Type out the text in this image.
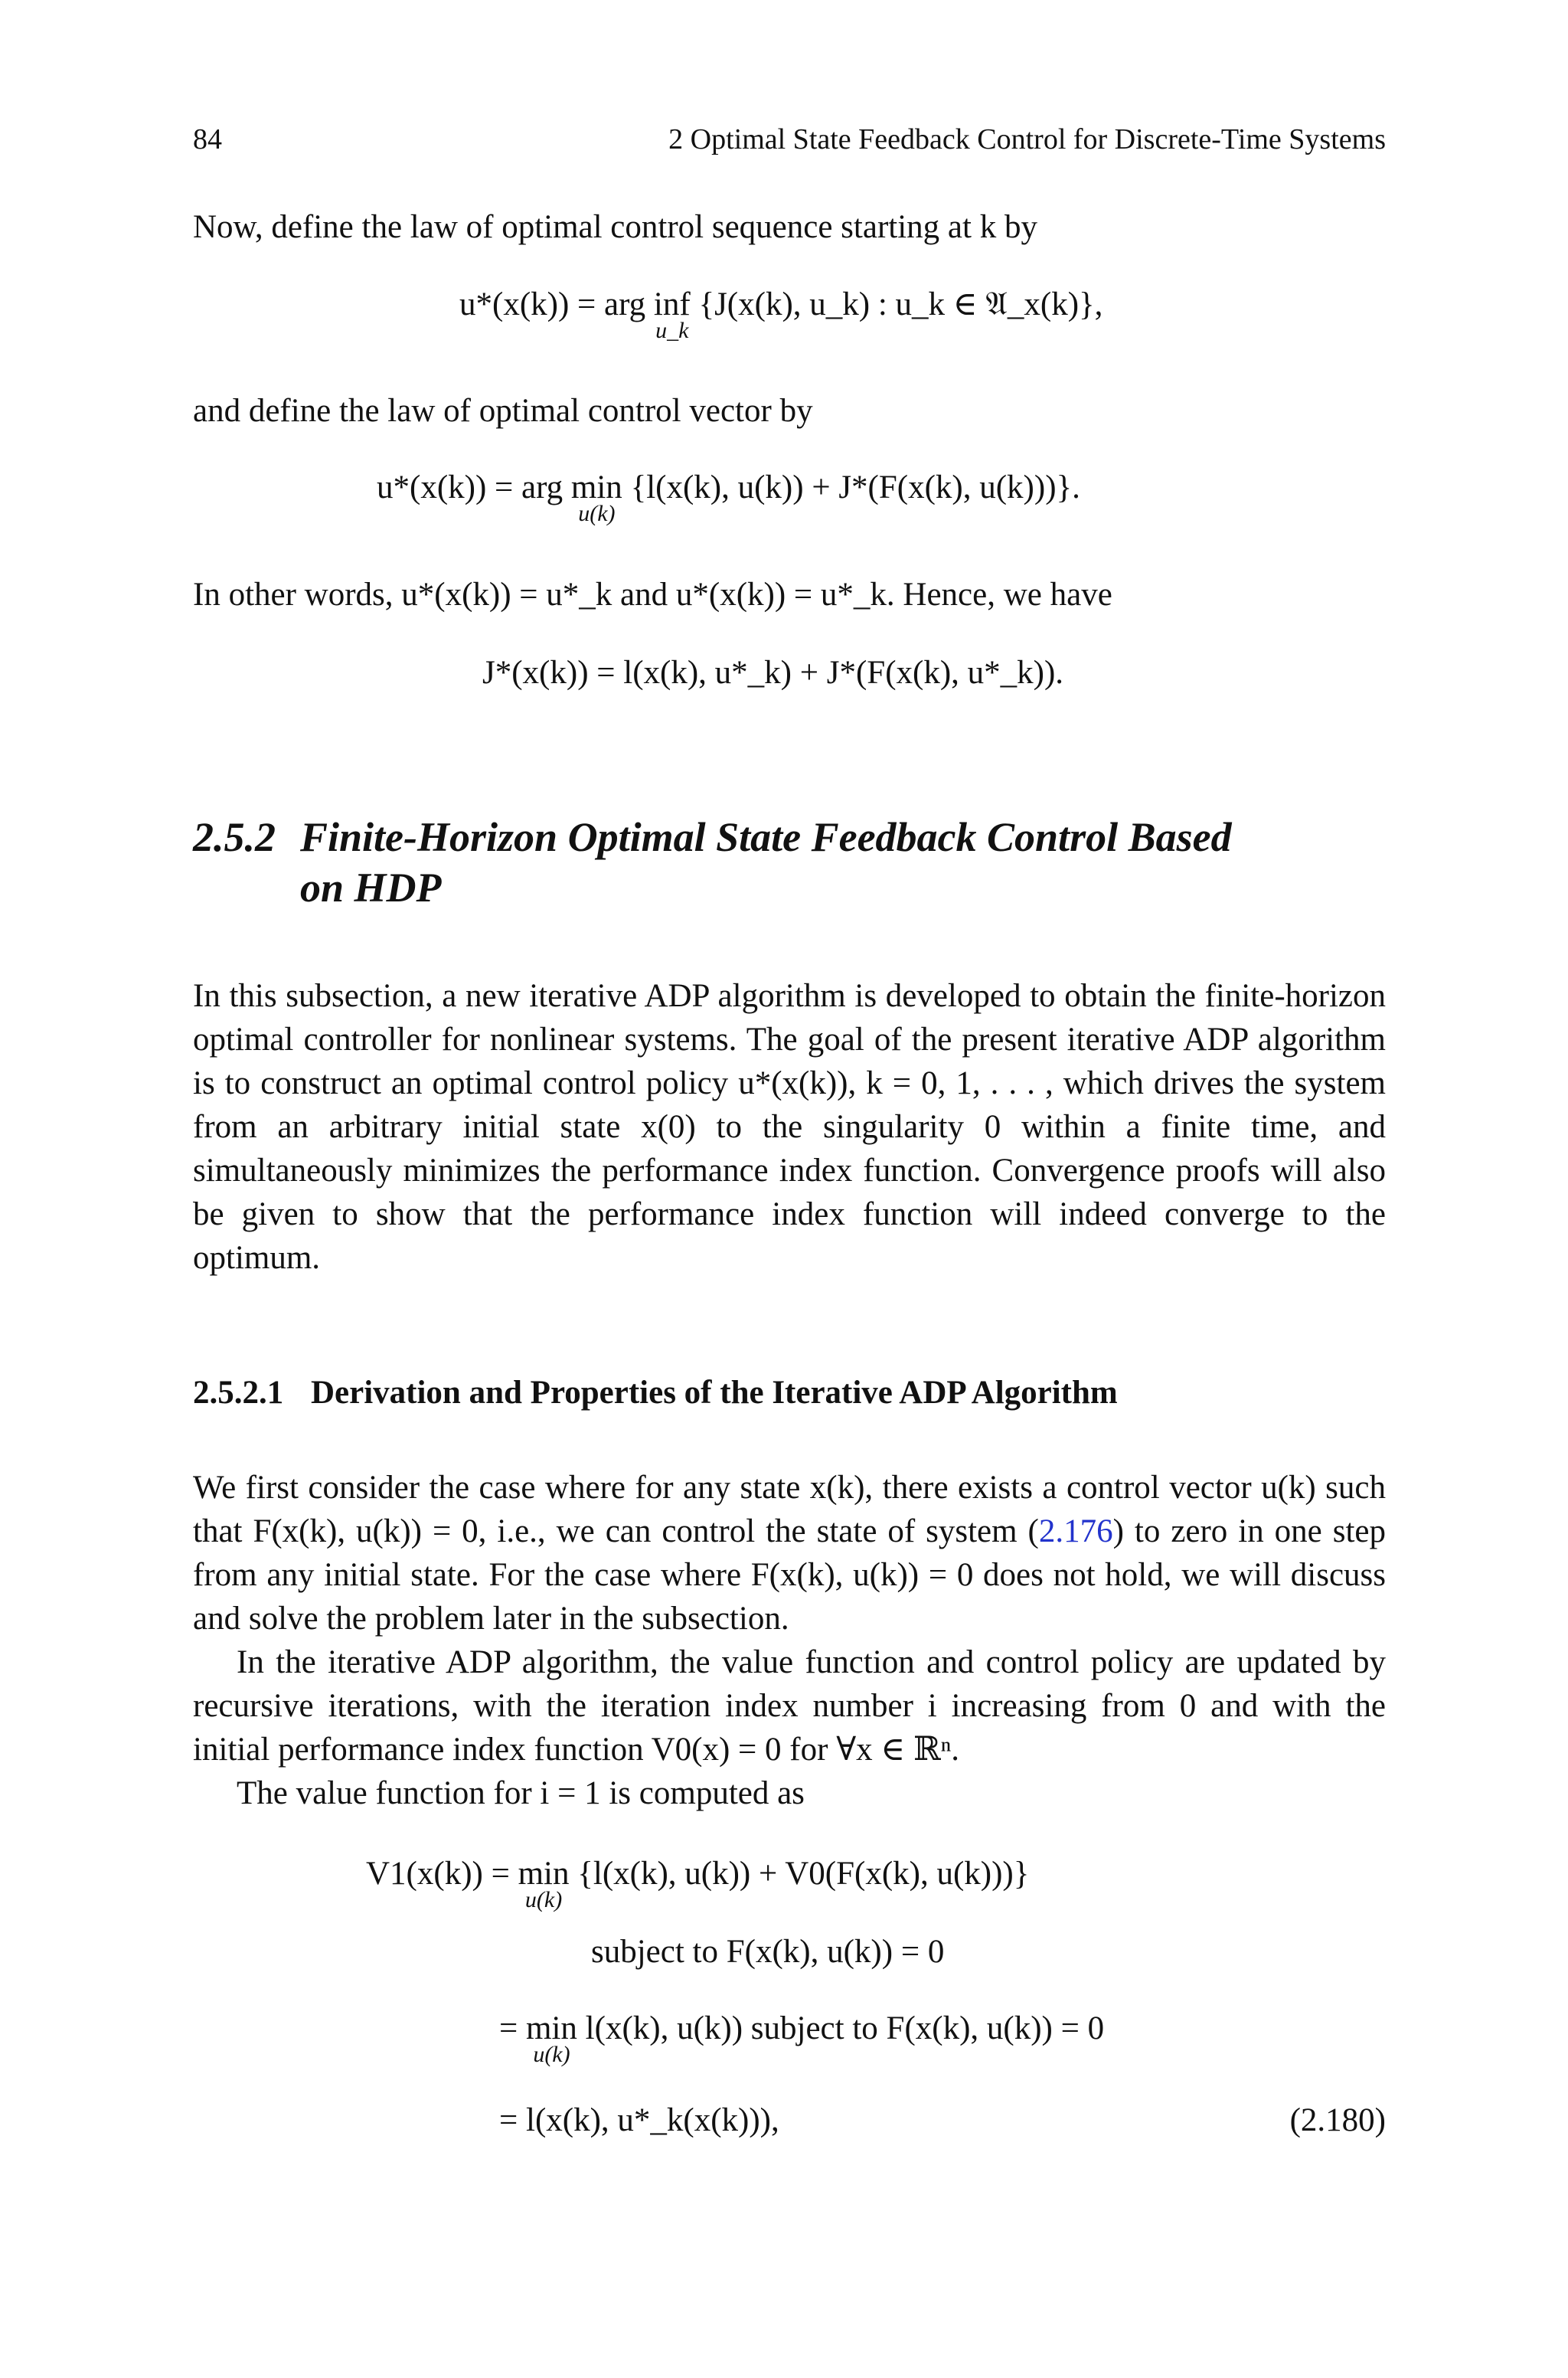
84	2 Optimal State Feedback Control for Discrete-Time Systems
Now, define the law of optimal control sequence starting at k by
u*(x(k)) = arg inf
u_k
{J(x(k), u_k) : u_k ∈ 𝔄_x(k)},
and define the law of optimal control vector by
u*(x(k)) = arg min
u(k)
{l(x(k), u(k)) + J*(F(x(k), u(k)))}.
In other words, u*(x(k)) = u*_k and u*(x(k)) = u*_k. Hence, we have
J*(x(k)) = l(x(k), u*_k) + J*(F(x(k), u*_k)).
2.5.2 Finite-Horizon Optimal State Feedback Control Based
on HDP
In this subsection, a new iterative ADP algorithm is developed to obtain the finite-horizon optimal controller for nonlinear systems. The goal of the present iterative ADP algorithm is to construct an optimal control policy u*(x(k)), k = 0, 1, . . . , which drives the system from an arbitrary initial state x(0) to the singularity 0 within a finite time, and simultaneously minimizes the performance index function. Convergence proofs will also be given to show that the performance index function will indeed converge to the optimum.
2.5.2.1 Derivation and Properties of the Iterative ADP Algorithm
We first consider the case where for any state x(k), there exists a control vector u(k) such that F(x(k), u(k)) = 0, i.e., we can control the state of system (2.176) to zero in one step from any initial state. For the case where F(x(k), u(k)) = 0 does not hold, we will discuss and solve the problem later in the subsection.
In the iterative ADP algorithm, the value function and control policy are updated by recursive iterations, with the iteration index number i increasing from 0 and with the initial performance index function V0(x) = 0 for ∀x ∈ ℝⁿ.
The value function for i = 1 is computed as
V1(x(k)) = min
u(k)
{l(x(k), u(k)) + V0(F(x(k), u(k)))}
subject to F(x(k), u(k)) = 0
= min
u(k)
l(x(k), u(k)) subject to F(x(k), u(k)) = 0
= l(x(k), u*_k(x(k))),	(2.180)
